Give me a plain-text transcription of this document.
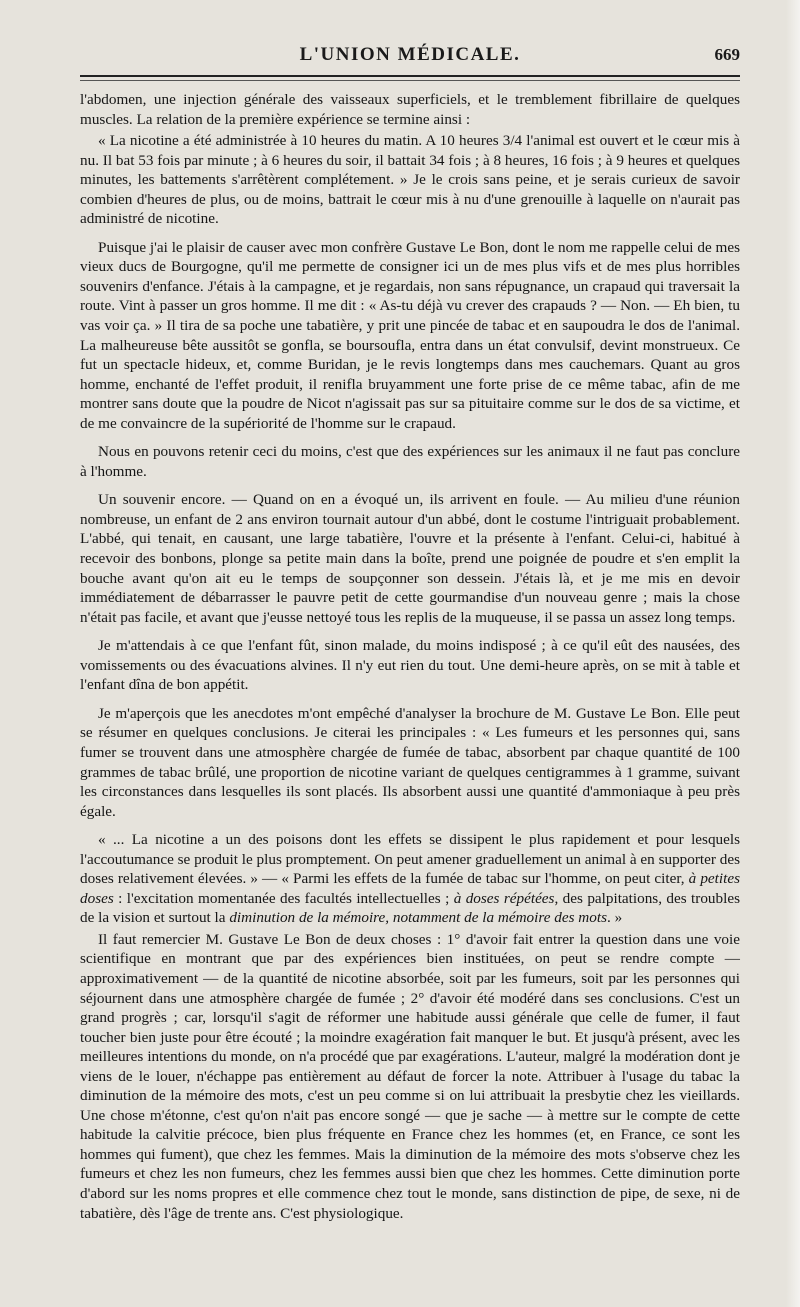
L'UNION MÉDICALE.	669

l'abdomen, une injection générale des vaisseaux superficiels, et le tremblement fibrillaire de quelques muscles. La relation de la première expérience se termine ainsi :

« La nicotine a été administrée à 10 heures du matin. A 10 heures 3/4 l'animal est ouvert et le cœur mis à nu. Il bat 53 fois par minute ; à 6 heures du soir, il battait 34 fois ; à 8 heures, 16 fois ; à 9 heures et quelques minutes, les battements s'arrêtèrent complétement. » Je le crois sans peine, et je serais curieux de savoir combien d'heures de plus, ou de moins, battrait le cœur mis à nu d'une grenouille à laquelle on n'aurait pas administré de nicotine.

Puisque j'ai le plaisir de causer avec mon confrère Gustave Le Bon, dont le nom me rappelle celui de mes vieux ducs de Bourgogne, qu'il me permette de consigner ici un de mes plus vifs et de mes plus horribles souvenirs d'enfance. J'étais à la campagne, et je regardais, non sans répugnance, un crapaud qui traversait la route. Vint à passer un gros homme. Il me dit : « As-tu déjà vu crever des crapauds ? — Non. — Eh bien, tu vas voir ça. » Il tira de sa poche une tabatière, y prit une pincée de tabac et en saupoudra le dos de l'animal. La malheureuse bête aussitôt se gonfla, se boursoufla, entra dans un état convulsif, devint monstrueux. Ce fut un spectacle hideux, et, comme Buridan, je le revis longtemps dans mes cauchemars. Quant au gros homme, enchanté de l'effet produit, il renifla bruyamment une forte prise de ce même tabac, afin de me montrer sans doute que la poudre de Nicot n'agissait pas sur sa pituitaire comme sur le dos de sa victime, et de me convaincre de la supériorité de l'homme sur le crapaud.

Nous en pouvons retenir ceci du moins, c'est que des expériences sur les animaux il ne faut pas conclure à l'homme.

Un souvenir encore. — Quand on en a évoqué un, ils arrivent en foule. — Au milieu d'une réunion nombreuse, un enfant de 2 ans environ tournait autour d'un abbé, dont le costume l'intriguait probablement. L'abbé, qui tenait, en causant, une large tabatière, l'ouvre et la présente à l'enfant. Celui-ci, habitué à recevoir des bonbons, plonge sa petite main dans la boîte, prend une poignée de poudre et s'en emplit la bouche avant qu'on ait eu le temps de soupçonner son dessein. J'étais là, et je me mis en devoir immédiatement de débarrasser le pauvre petit de cette gourmandise d'un nouveau genre ; mais la chose n'était pas facile, et avant que j'eusse nettoyé tous les replis de la muqueuse, il se passa un assez long temps.

Je m'attendais à ce que l'enfant fût, sinon malade, du moins indisposé ; à ce qu'il eût des nausées, des vomissements ou des évacuations alvines. Il n'y eut rien du tout. Une demi-heure après, on se mit à table et l'enfant dîna de bon appétit.

Je m'aperçois que les anecdotes m'ont empêché d'analyser la brochure de M. Gustave Le Bon. Elle peut se résumer en quelques conclusions. Je citerai les principales : « Les fumeurs et les personnes qui, sans fumer se trouvent dans une atmosphère chargée de fumée de tabac, absorbent par chaque quantité de 100 grammes de tabac brûlé, une proportion de nicotine variant de quelques centigrammes à 1 gramme, suivant les circonstances dans lesquelles ils sont placés. Ils absorbent aussi une quantité d'ammoniaque à peu près égale.

« ... La nicotine a un des poisons dont les effets se dissipent le plus rapidement et pour lesquels l'accoutumance se produit le plus promptement. On peut amener graduellement un animal à en supporter des doses relativement élevées. » — « Parmi les effets de la fumée de tabac sur l'homme, on peut citer, à petites doses : l'excitation momentanée des facultés intellectuelles ; à doses répétées, des palpitations, des troubles de la vision et surtout la diminution de la mémoire, notamment de la mémoire des mots. »

Il faut remercier M. Gustave Le Bon de deux choses : 1° d'avoir fait entrer la question dans une voie scientifique en montrant que par des expériences bien instituées, on peut se rendre compte — approximativement — de la quantité de nicotine absorbée, soit par les fumeurs, soit par les personnes qui séjournent dans une atmosphère chargée de fumée ; 2° d'avoir été modéré dans ses conclusions. C'est un grand progrès ; car, lorsqu'il s'agit de réformer une habitude aussi générale que celle de fumer, il faut toucher bien juste pour être écouté ; la moindre exagération fait manquer le but. Et jusqu'à présent, avec les meilleures intentions du monde, on n'a procédé que par exagérations. L'auteur, malgré la modération dont je viens de le louer, n'échappe pas entièrement au défaut de forcer la note. Attribuer à l'usage du tabac la diminution de la mémoire des mots, c'est un peu comme si on lui attribuait la presbytie chez les vieillards. Une chose m'étonne, c'est qu'on n'ait pas encore songé — que je sache — à mettre sur le compte de cette habitude la calvitie précoce, bien plus fréquente en France chez les hommes (et, en France, ce sont les hommes qui fument), que chez les femmes. Mais la diminution de la mémoire des mots s'observe chez les fumeurs et chez les non fumeurs, chez les femmes aussi bien que chez les hommes. Cette diminution porte d'abord sur les noms propres et elle commence chez tout le monde, sans distinction de pipe, de sexe, ni de tabatière, dès l'âge de trente ans. C'est physiologique.
